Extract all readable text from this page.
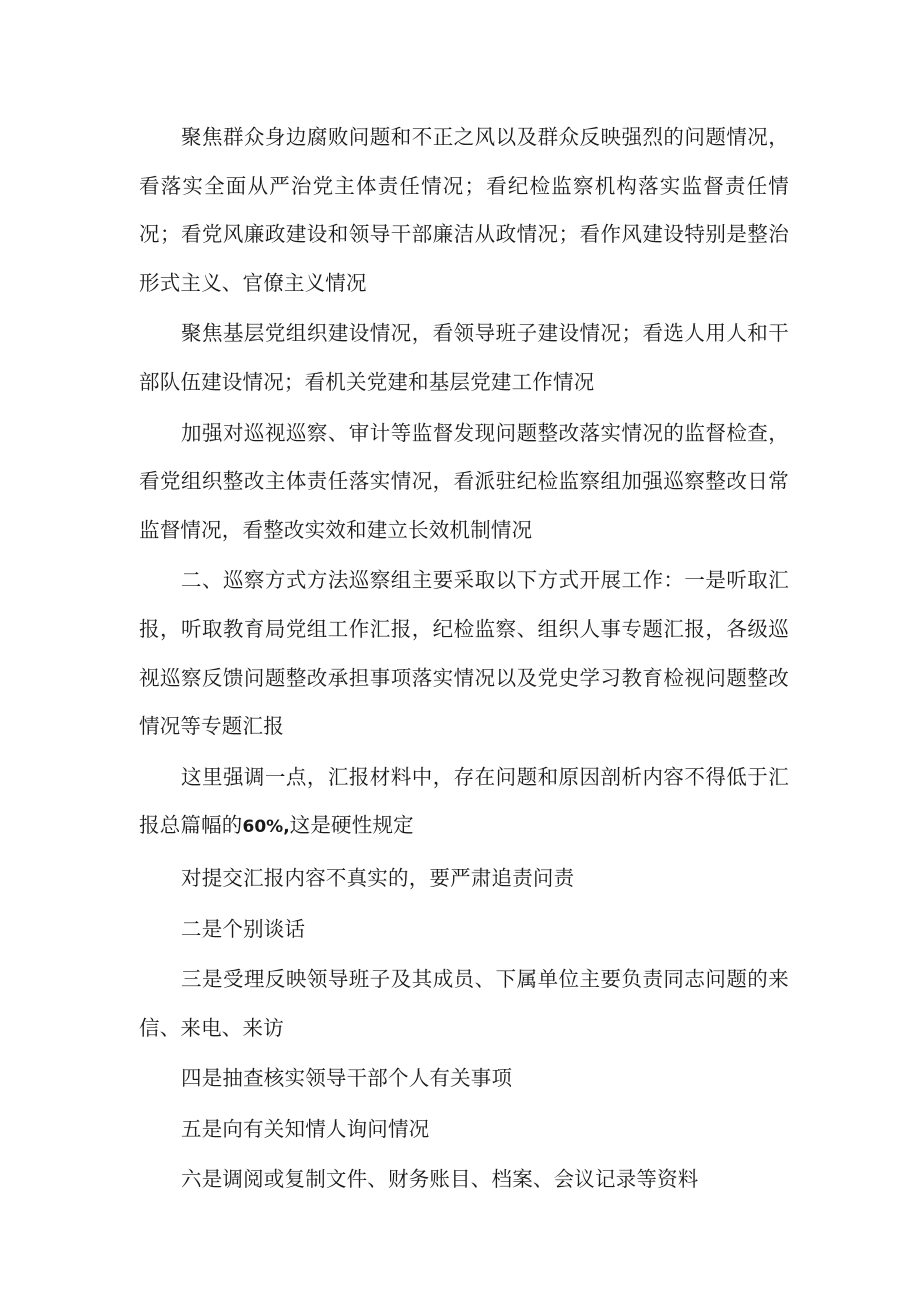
聚焦群众身边腐败问题和不正之风以及群众反映强烈的问题情况，看落实全面从严治党主体责任情况；看纪检监察机构落实监督责任情况；看党风廉政建设和领导干部廉洁从政情况；看作风建设特别是整治形式主义、官僚主义情况

聚焦基层党组织建设情况，看领导班子建设情况；看选人用人和干部队伍建设情况；看机关党建和基层党建工作情况

加强对巡视巡察、审计等监督发现问题整改落实情况的监督检查，看党组织整改主体责任落实情况，看派驻纪检监察组加强巡察整改日常监督情况，看整改实效和建立长效机制情况

二、巡察方式方法巡察组主要采取以下方式开展工作：一是听取汇报，听取教育局党组工作汇报，纪检监察、组织人事专题汇报，各级巡视巡察反馈问题整改承担事项落实情况以及党史学习教育检视问题整改情况等专题汇报

这里强调一点，汇报材料中，存在问题和原因剖析内容不得低于汇报总篇幅的60%,这是硬性规定

对提交汇报内容不真实的，要严肃追责问责

二是个别谈话

三是受理反映领导班子及其成员、下属单位主要负责同志问题的来信、来电、来访

四是抽查核实领导干部个人有关事项

五是向有关知情人询问情况

六是调阅或复制文件、财务账目、档案、会议记录等资料
